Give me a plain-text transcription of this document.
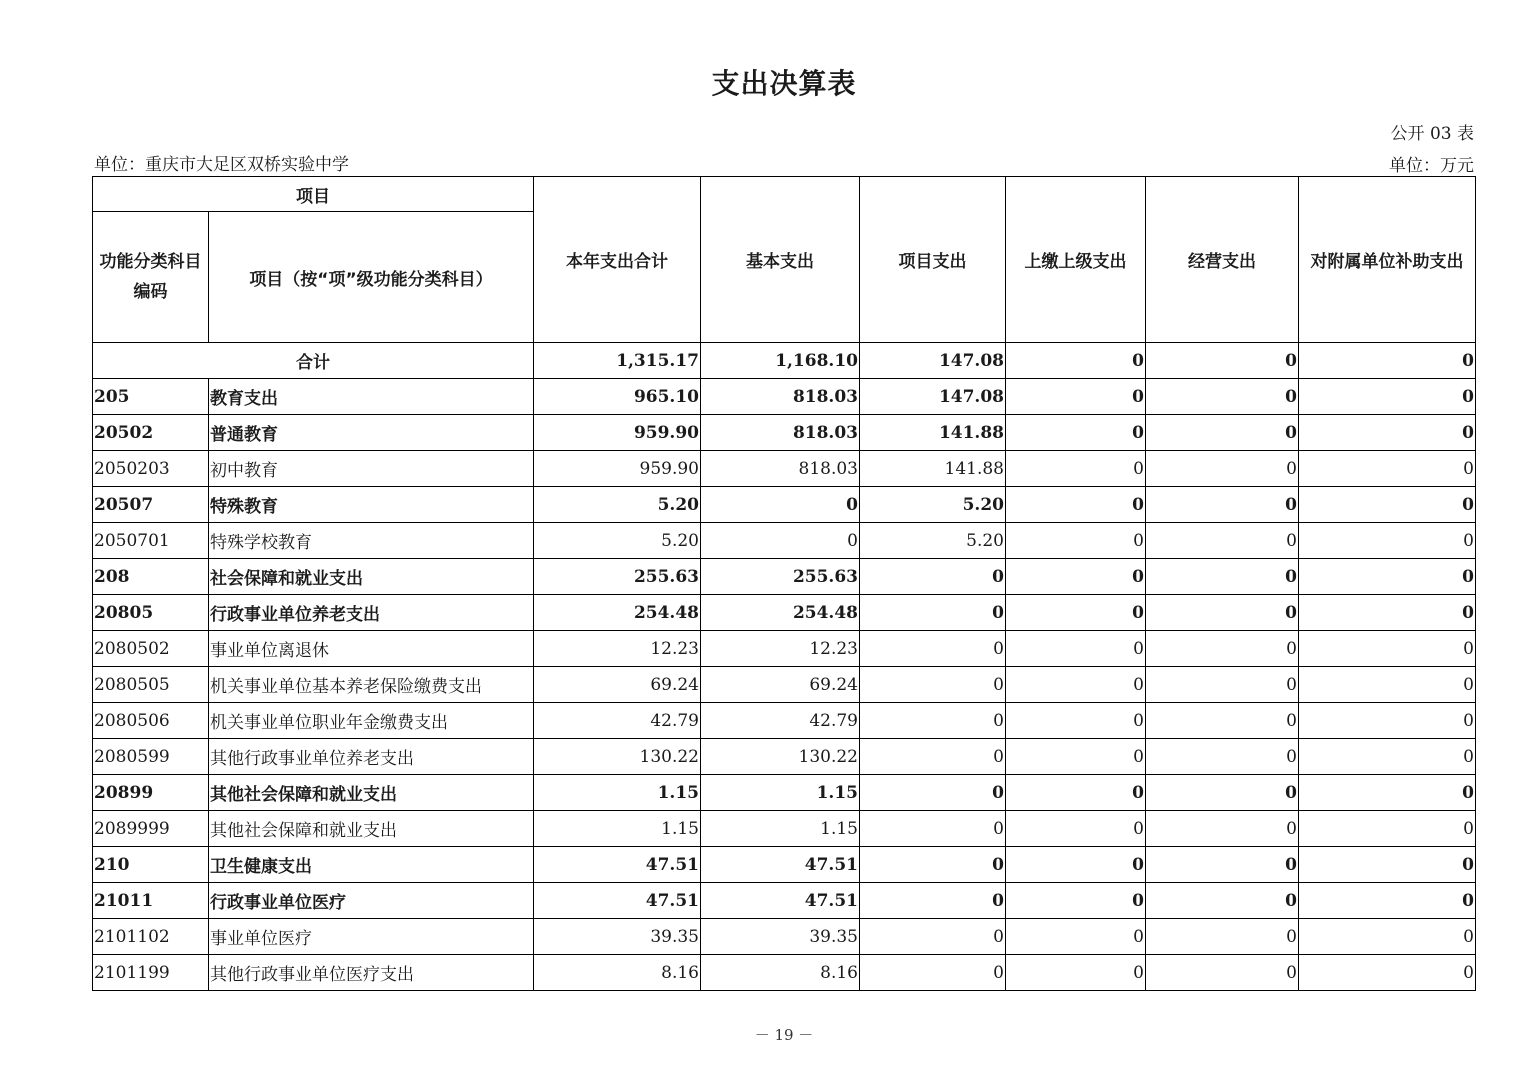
支出决算表
公开 03 表
单位：重庆市大足区双桥实验中学	单位：万元
项目		本年支出合计	基本支出	项目支出	上缴上级支出	经营支出	对附属单位补助支出
功能分类科目编码	项目（按“项”级功能分类科目）						
合计		1,315.17	1,168.10	147.08	0	0	0
205	教育支出	965.10	818.03	147.08	0	0	0
20502	普通教育	959.90	818.03	141.88	0	0	0
2050203	初中教育	959.90	818.03	141.88	0	0	0
20507	特殊教育	5.20	0	5.20	0	0	0
2050701	特殊学校教育	5.20	0	5.20	0	0	0
208	社会保障和就业支出	255.63	255.63	0	0	0	0
20805	行政事业单位养老支出	254.48	254.48	0	0	0	0
2080502	事业单位离退休	12.23	12.23	0	0	0	0
2080505	机关事业单位基本养老保险缴费支出	69.24	69.24	0	0	0	0
2080506	机关事业单位职业年金缴费支出	42.79	42.79	0	0	0	0
2080599	其他行政事业单位养老支出	130.22	130.22	0	0	0	0
20899	其他社会保障和就业支出	1.15	1.15	0	0	0	0
2089999	其他社会保障和就业支出	1.15	1.15	0	0	0	0
210	卫生健康支出	47.51	47.51	0	0	0	0
21011	行政事业单位医疗	47.51	47.51	0	0	0	0
2101102	事业单位医疗	39.35	39.35	0	0	0	0
2101199	其他行政事业单位医疗支出	8.16	8.16	0	0	0	0
－ 19 －
